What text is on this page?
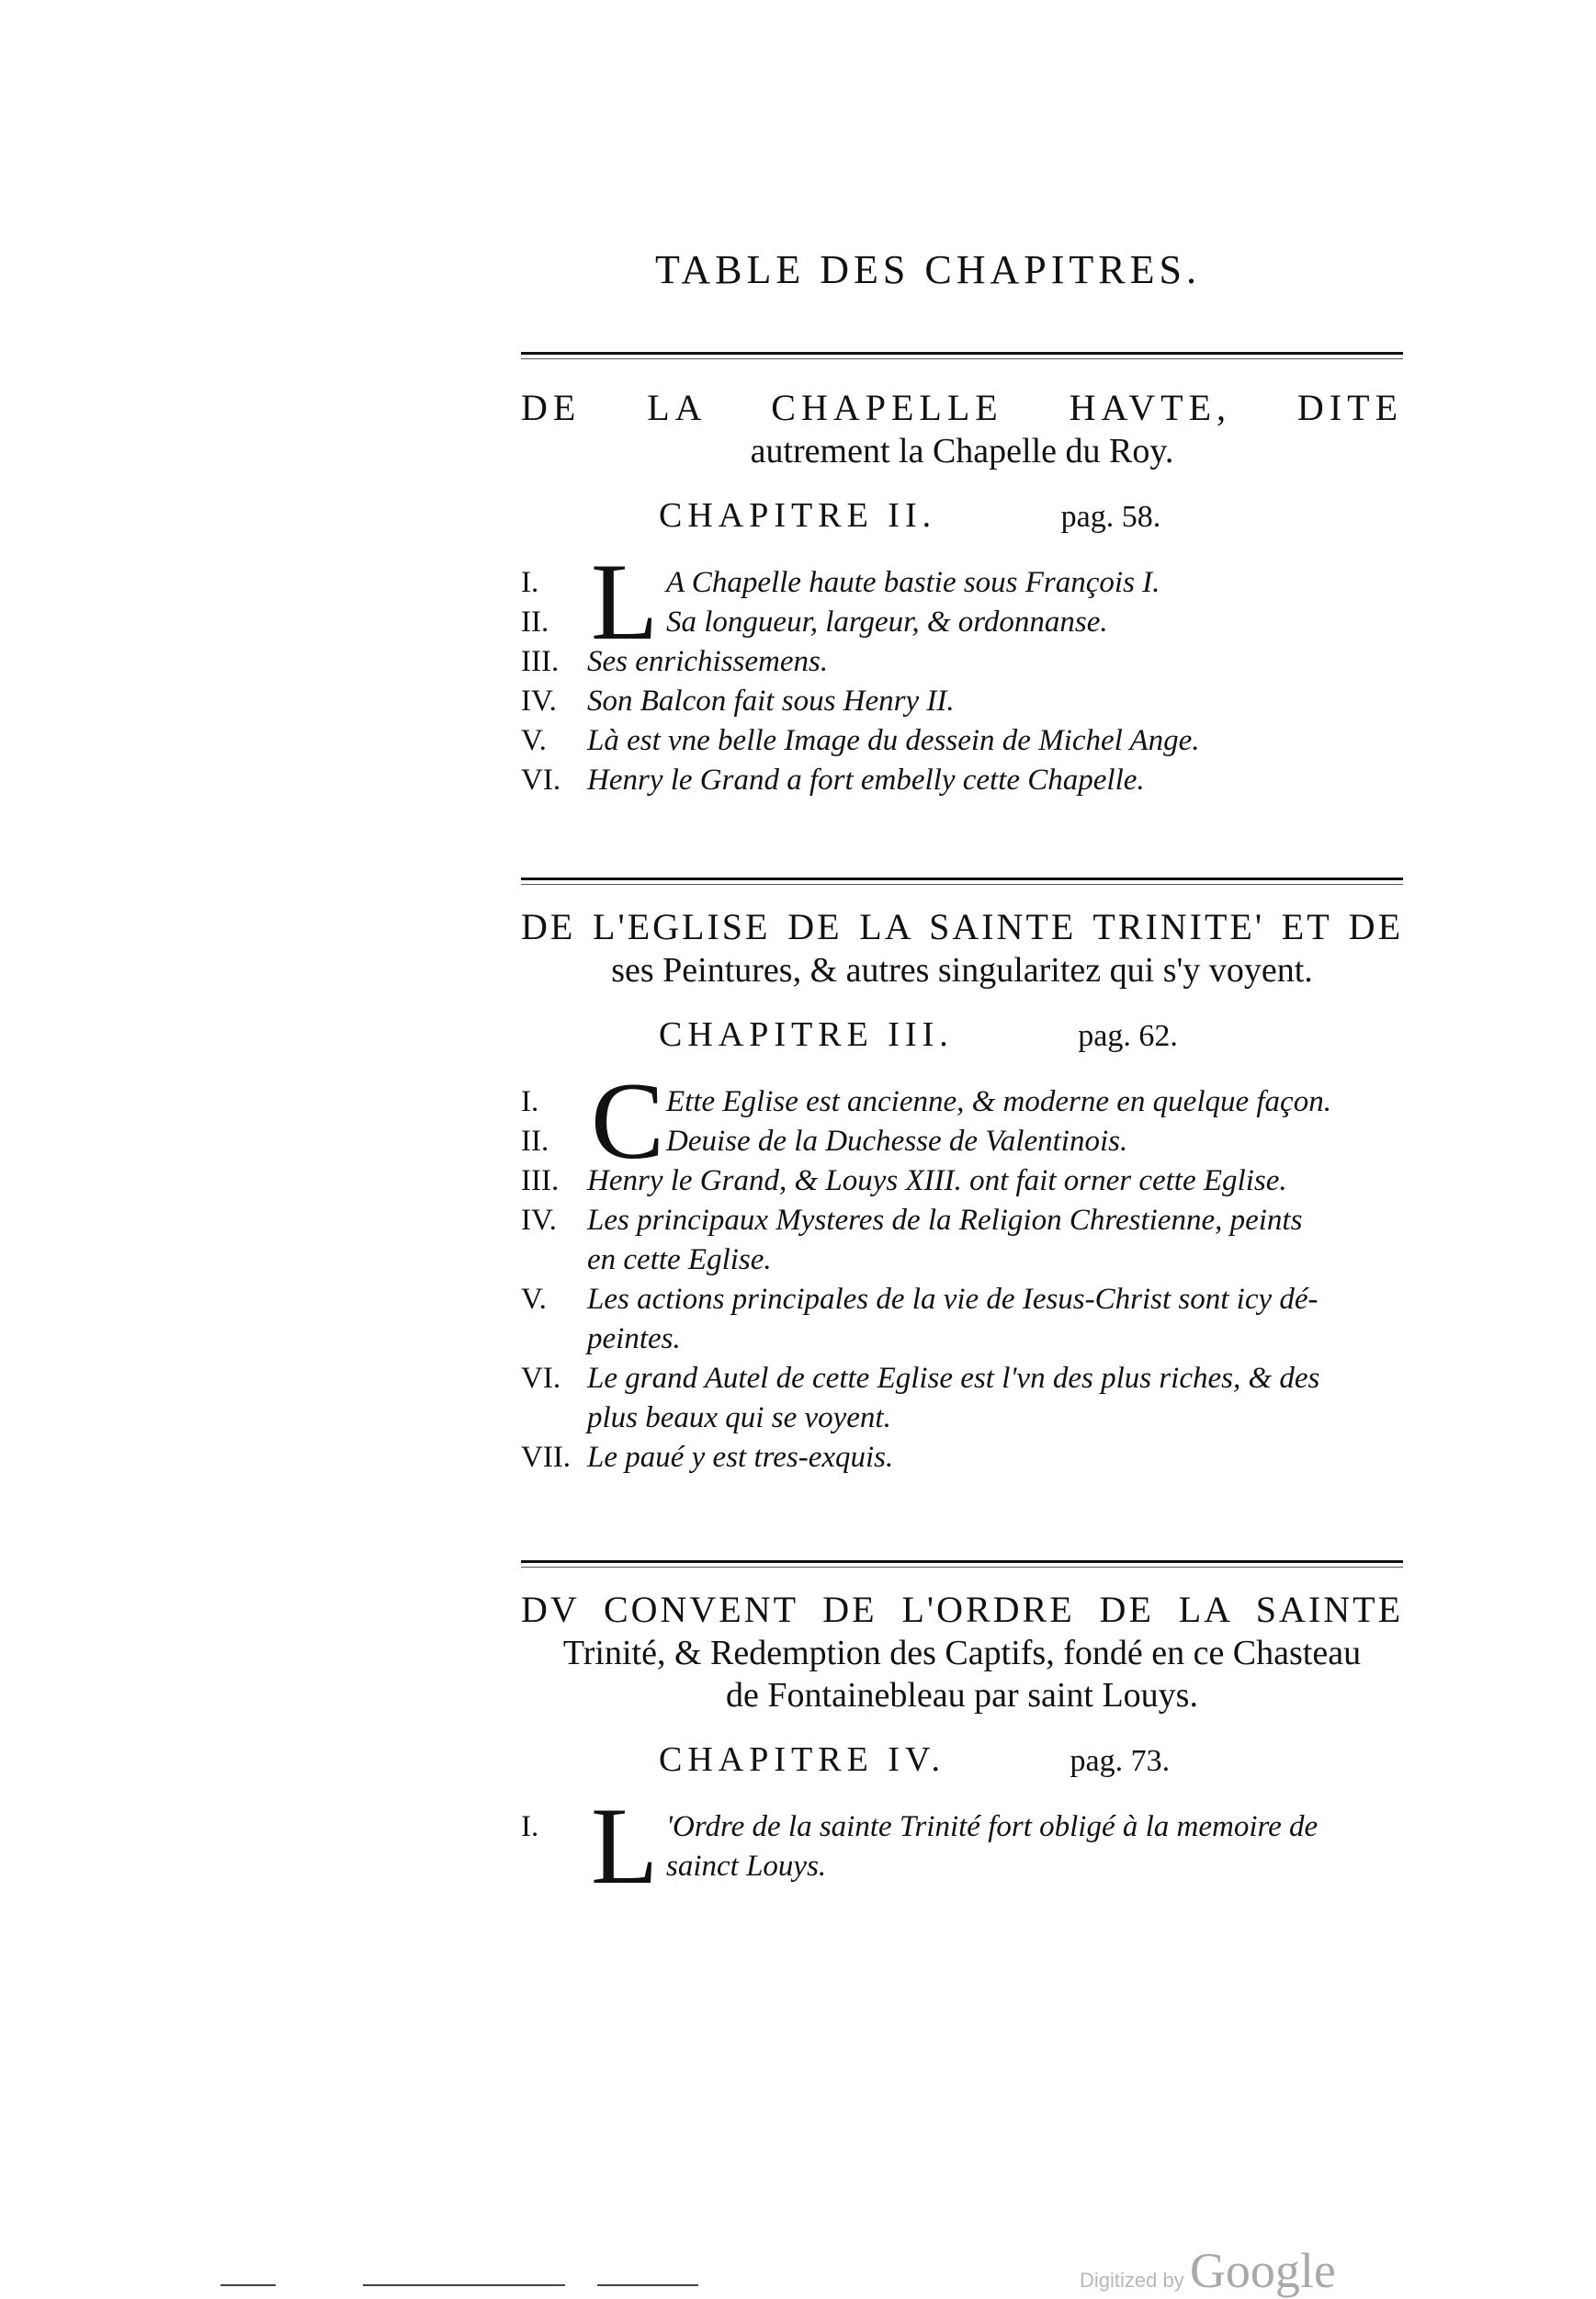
TABLE DES CHAPITRES.
DE LA CHAPELLE HAVTE, DITE
autrement la Chapelle du Roy.
CHAPITRE II.	pag. 58.
L
I.	A Chapelle haute bastie sous François I.
II.	Sa longueur, largeur, & ordonnanse.
III. Ses enrichissemens.
IV.	Son Balcon fait sous Henry II.
V.	Là est vne belle Image du dessein de Michel Ange.
VI. Henry le Grand a fort embelly cette Chapelle.
DE L'EGLISE DE LA SAINTE TRINITE' ET DE
ses Peintures, & autres singularitez qui s'y voyent.
CHAPITRE III.	pag. 62.
C
I.	Ette Eglise est ancienne, & moderne en quelque façon.
II.	Deuise de la Duchesse de Valentinois.
III. Henry le Grand, & Louys XIII. ont fait orner cette Eglise.
IV.	Les principaux Mysteres de la Religion Chrestienne, peints
en cette Eglise.
V.	Les actions principales de la vie de Iesus-Christ sont icy dé-
peintes.
VI. Le grand Autel de cette Eglise est l'vn des plus riches, & des
plus beaux qui se voyent.
VII. Le paué y est tres-exquis.
DV CONVENT DE L'ORDRE DE LA SAINTE
Trinité, & Redemption des Captifs, fondé en ce Chasteau
de Fontainebleau par saint Louys.
CHAPITRE IV.	pag. 73.
L
I.	'Ordre de la sainte Trinité fort obligé à la memoire de
sainct Louys.
Digitized by Google
